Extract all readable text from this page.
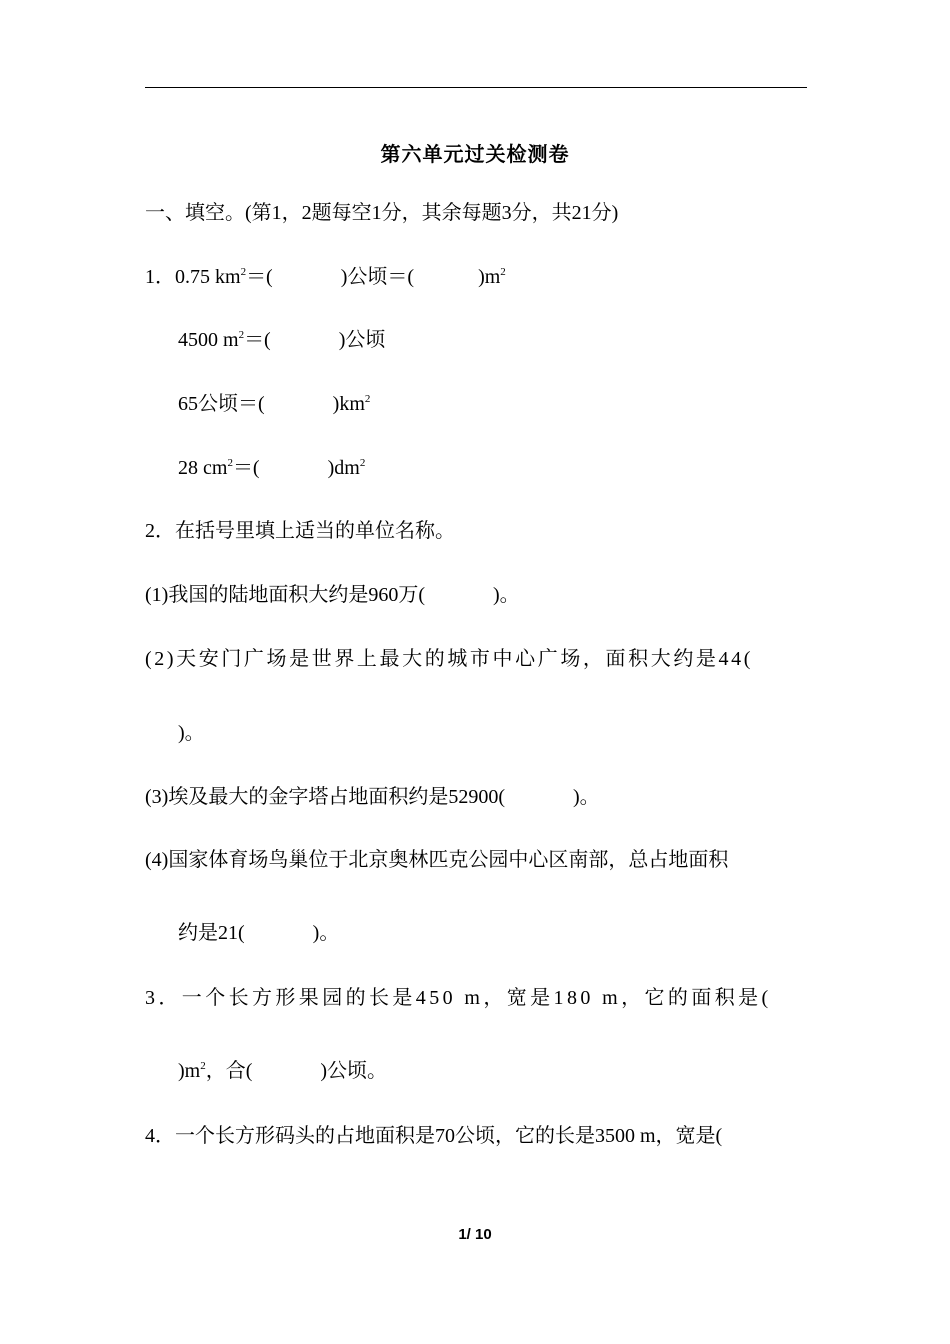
第六单元过关检测卷
一、填空。(第1，2题每空1分，其余每题3分，共21分)
1．0.75 $km^2=$(	)公顷＝(	)$m^2$
4500 $m^2=$(	)公顷
65公顷＝(	)$km^2$
28 $cm^2=$(	)$dm^2$
2．在括号里填上适当的单位名称。
(1)我国的陆地面积大约是960万(	)。
(2)天安门广场是世界上最大的城市中心广场，面积大约是44(
)。
(3)埃及最大的金字塔占地面积约是52900(	)。
(4)国家体育场鸟巢位于北京奥林匹克公园中心区南部，总占地面积
约是21(	)。
3．一个长方形果园的长是450 m，宽是180 m，它的面积是(
)$m^2$，合(	)公顷。
4．一个长方形码头的占地面积是70公顷，它的长是3500 m，宽是(
1/ 10
